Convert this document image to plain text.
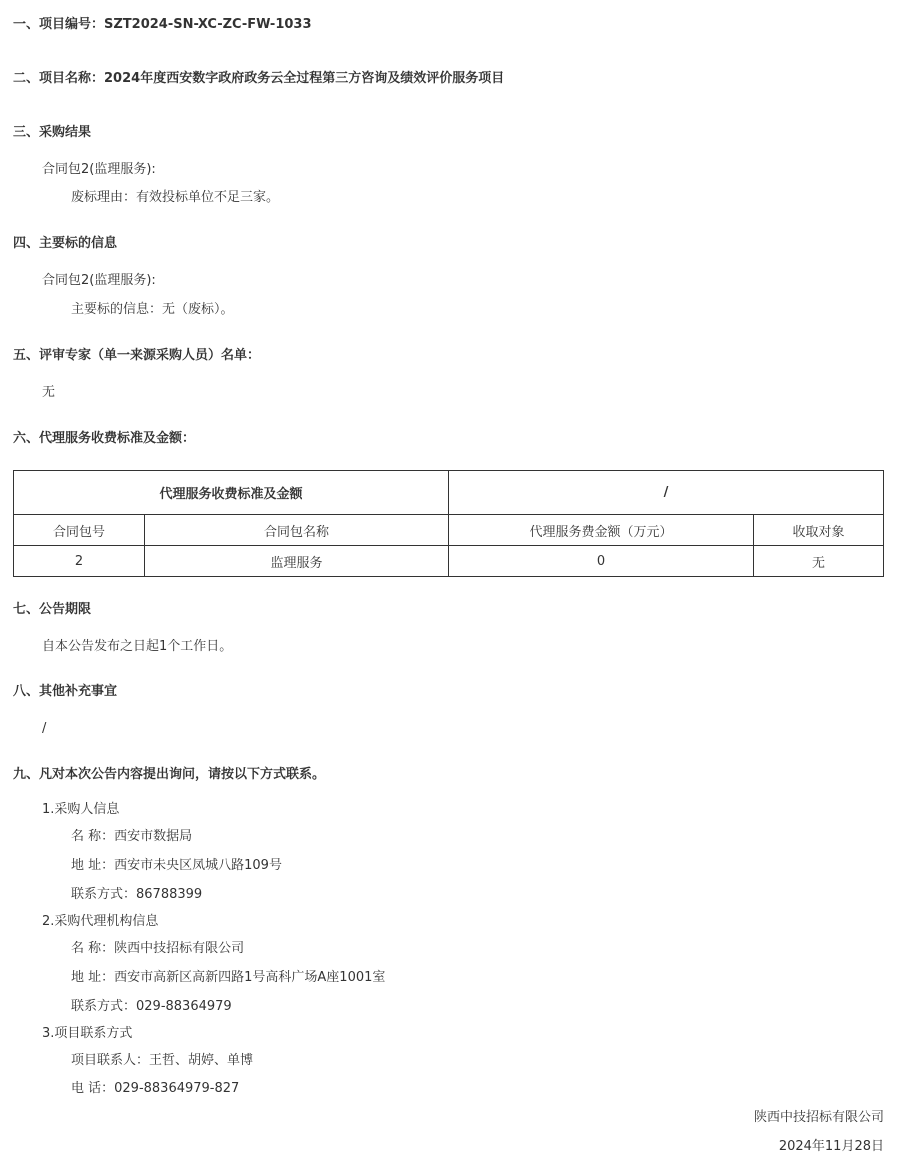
一、项目编号：SZT2024-SN-XC-ZC-FW-1033
二、项目名称：2024年度西安数字政府政务云全过程第三方咨询及绩效评价服务项目
三、采购结果
合同包2(监理服务):
废标理由：有效投标单位不足三家。
四、主要标的信息
合同包2(监理服务):
主要标的信息：无（废标）。
五、评审专家（单一来源采购人员）名单：
无
六、代理服务收费标准及金额：
代理服务收费标准及金额		/	
合同包号	合同包名称	代理服务费金额（万元）	收取对象
2	监理服务	0	无
七、公告期限
自本公告发布之日起1个工作日。
八、其他补充事宜
/
九、凡对本次公告内容提出询问，请按以下方式联系。
1.采购人信息
名 称：西安市数据局
地 址：西安市未央区凤城八路109号
联系方式：86788399
2.采购代理机构信息
名 称：陕西中技招标有限公司
地 址：西安市高新区高新四路1号高科广场A座1001室
联系方式：029-88364979
3.项目联系方式
项目联系人：王哲、胡婷、单博
电 话：029-88364979-827
陕西中技招标有限公司
2024年11月28日
